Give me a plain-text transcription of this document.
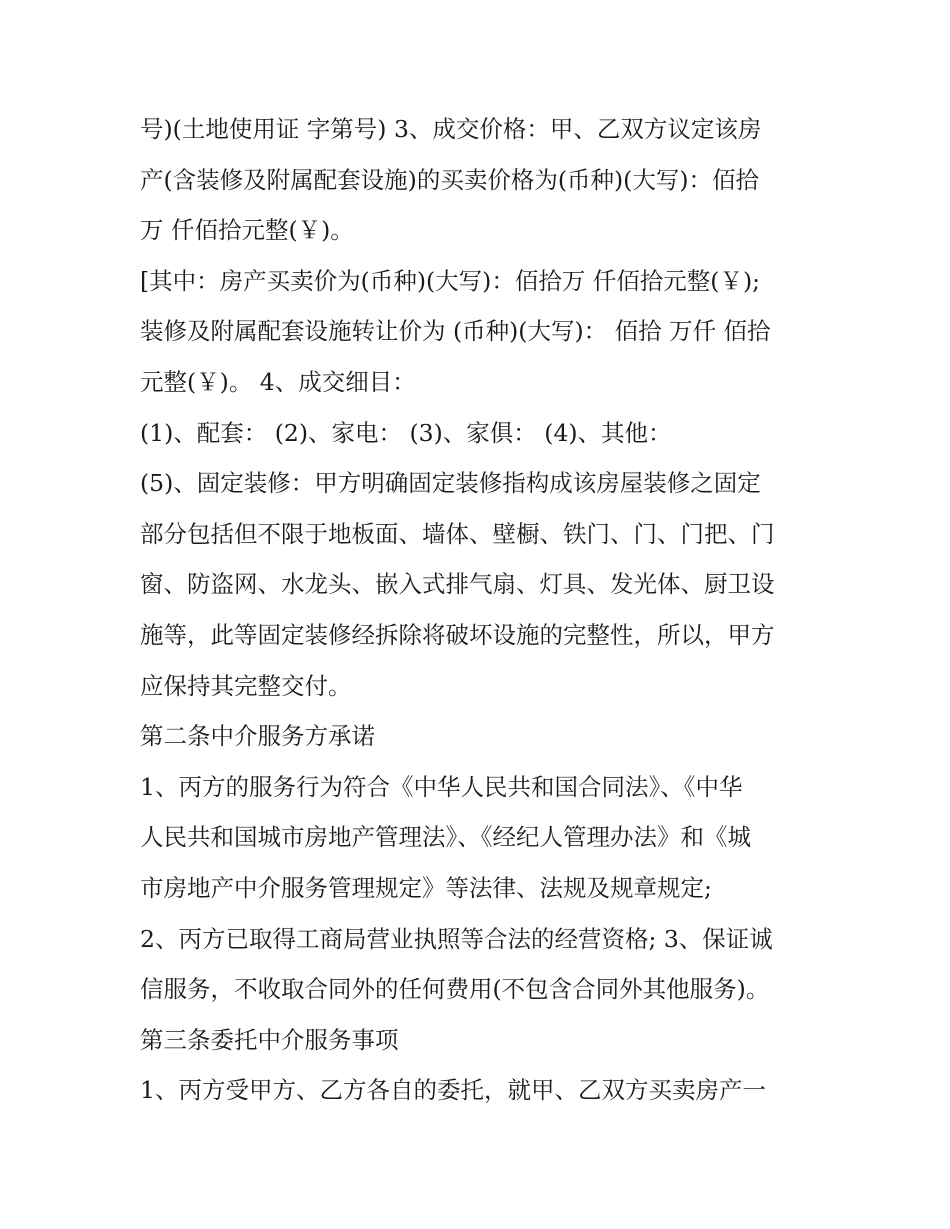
号)(土地使用证 字第号) 3、成交价格：甲、乙双方议定该房
产(含装修及附属配套设施)的买卖价格为(币种)(大写)：佰拾
万 仟佰拾元整(￥)。
[其中：房产买卖价为(币种)(大写)：佰拾万 仟佰拾元整(￥);
装修及附属配套设施转让价为 (币种)(大写)： 佰拾 万仟 佰拾
元整(￥)。 4、成交细目：
(1)、配套： (2)、家电： (3)、家俱： (4)、其他：
(5)、固定装修：甲方明确固定装修指构成该房屋装修之固定
部分包括但不限于地板面、墙体、壁橱、铁门、门、门把、门
窗、防盗网、水龙头、嵌入式排气扇、灯具、发光体、厨卫设
施等，此等固定装修经拆除将破坏设施的完整性，所以，甲方
应保持其完整交付。
第二条中介服务方承诺
1、丙方的服务行为符合《中华人民共和国合同法》、《中华
人民共和国城市房地产管理法》、《经纪人管理办法》和《城
市房地产中介服务管理规定》等法律、法规及规章规定;
2、丙方已取得工商局营业执照等合法的经营资格; 3、保证诚
信服务，不收取合同外的任何费用(不包含合同外其他服务)。
第三条委托中介服务事项
1、丙方受甲方、乙方各自的委托，就甲、乙双方买卖房产一
